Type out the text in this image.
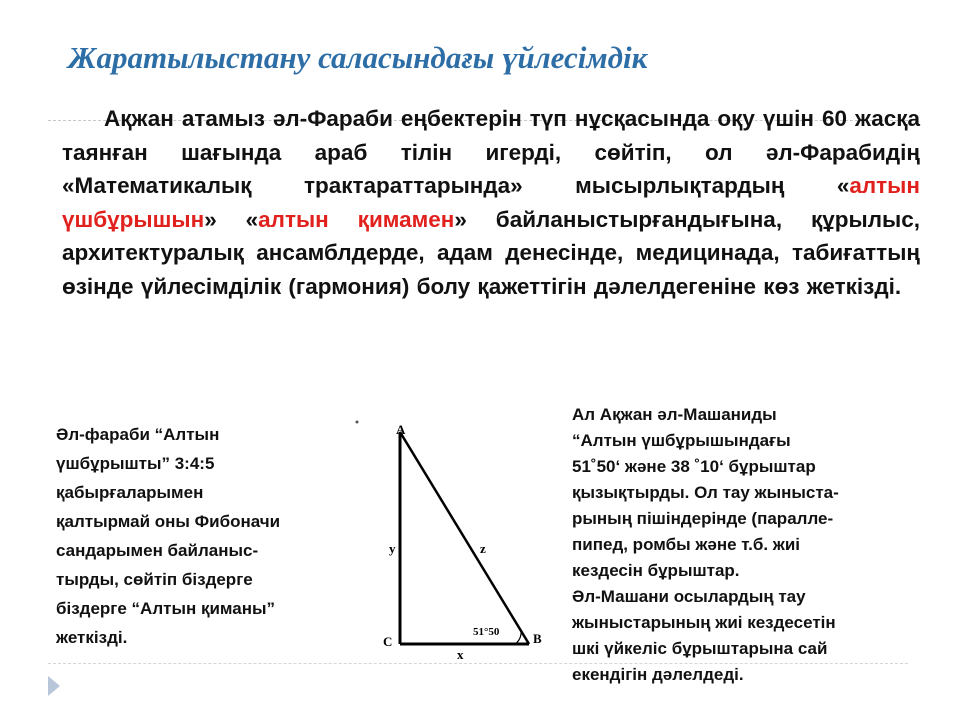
Жаратылыстану саласындағы үйлесімдік
Ақжан атамыз әл-Фараби еңбектерін түп нұсқасында оқу үшін 60 жасқа таянған шағында араб тілін игерді, сөйтіп, ол әл-Фарабидің «Математикалық трактараттарында» мысырлықтардың «алтын үшбұрышын» «алтын қимамен» байланыстырғандығына, құрылыс, архитектуралық ансамблдерде, адам денесінде, медицинада, табиғаттың өзінде үйлесімділік (гармония) болу қажеттігін дәлелдегеніне көз жеткізді.
Әл-фараби “Алтын
үшбұрышты” 3:4:5
қабырғаларымен
қалтырмай оны Фибоначи
сандарымен байланыс-
тырды, сөйтіп біздерге
біздерге “Алтын қиманы”
жеткізді.
A
B
C
y	z
x
51°50
Ал Ақжан әл-Машаниды
“Алтын үшбұрышындағы
51˚50‘ және 38 ˚10‘ бұрыштар
қызықтырды. Ол тау жыныста-
рының пішіндерінде (паралле-
пипед, ромбы және т.б. жиі
кездесін бұрыштар.
Әл-Машани осылардың тау
жыныстарының жиі кездесетін
шкі үйкеліс бұрыштарына сай
екендігін дәлелдеді.
